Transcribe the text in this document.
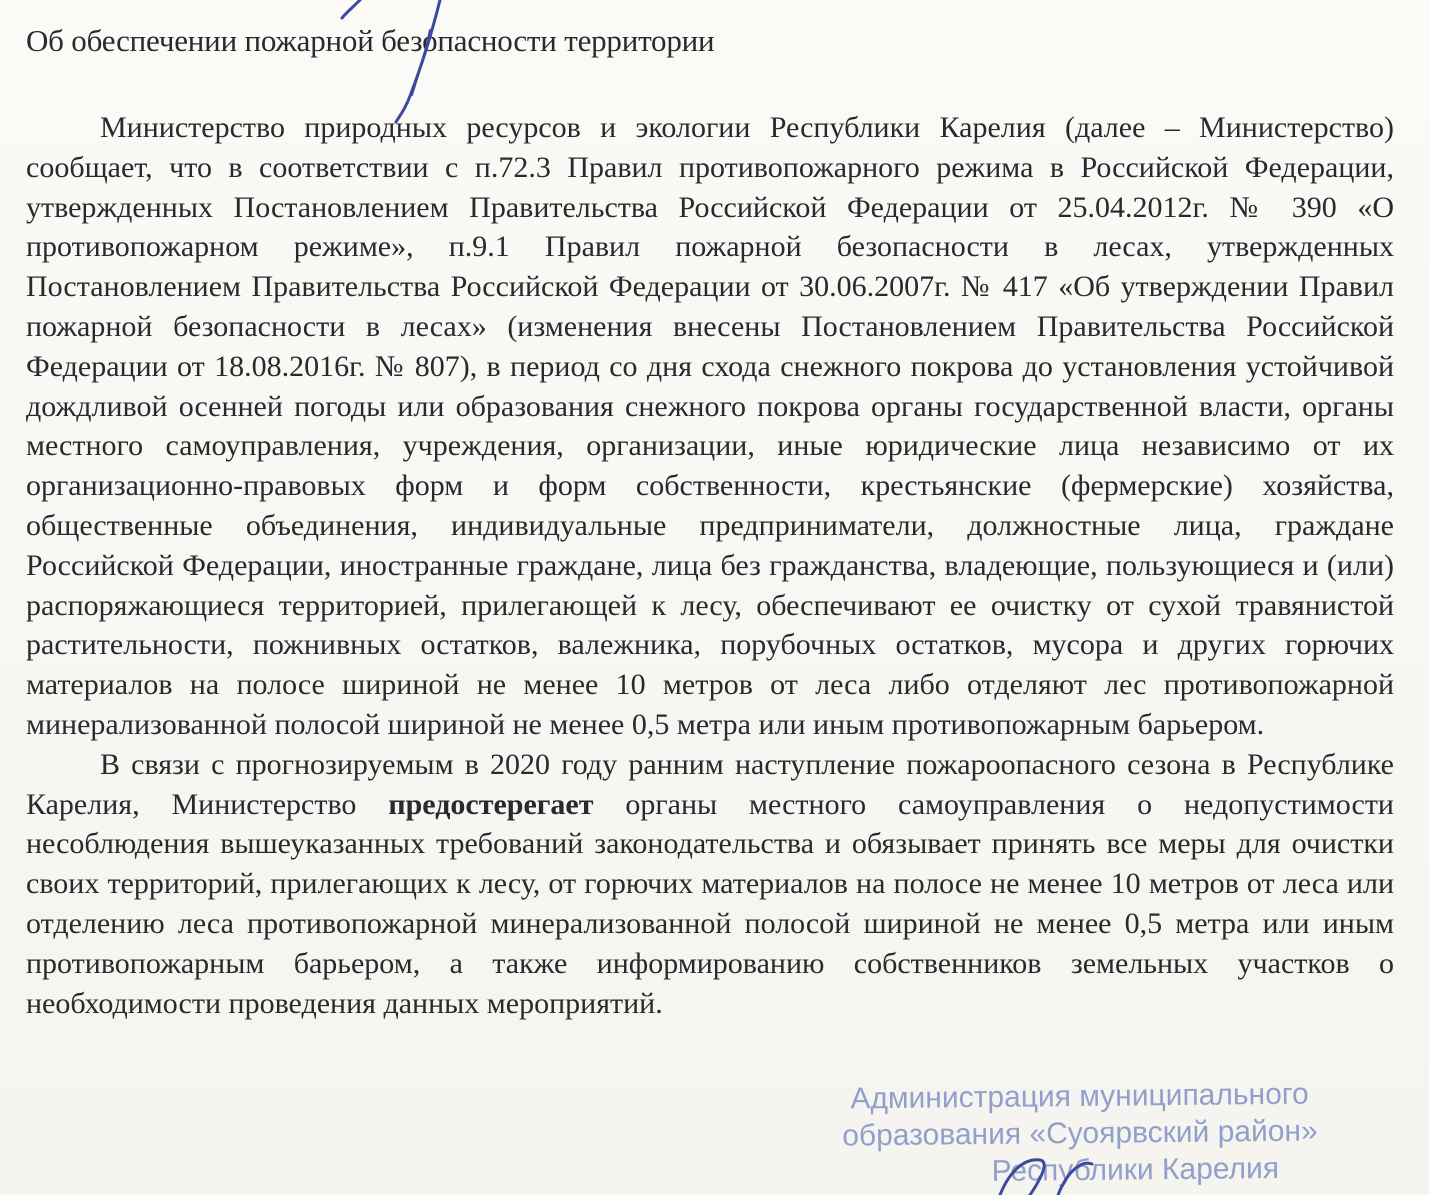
Об обеспечении пожарной безопасности территории

Министерство природных ресурсов и экологии Республики Карелия (далее – Министерство) сообщает, что в соответствии с п.72.3 Правил противопожарного режима в Российской Федерации, утвержденных Постановлением Правительства Российской Федерации от 25.04.2012г. № 390 «О противопожарном режиме», п.9.1 Правил пожарной безопасности в лесах, утвержденных Постановлением Правительства Российской Федерации от 30.06.2007г. № 417 «Об утверждении Правил пожарной безопасности в лесах» (изменения внесены Постановлением Правительства Российской Федерации от 18.08.2016г. № 807), в период со дня схода снежного покрова до установления устойчивой дождливой осенней погоды или образования снежного покрова органы государственной власти, органы местного самоуправления, учреждения, организации, иные юридические лица независимо от их организационно-правовых форм и форм собственности, крестьянские (фермерские) хозяйства, общественные объединения, индивидуальные предприниматели, должностные лица, граждане Российской Федерации, иностранные граждане, лица без гражданства, владеющие, пользующиеся и (или) распоряжающиеся территорией, прилегающей к лесу, обеспечивают ее очистку от сухой травянистой растительности, пожнивных остатков, валежника, порубочных остатков, мусора и других горючих материалов на полосе шириной не менее 10 метров от леса либо отделяют лес противопожарной минерализованной полосой шириной не менее 0,5 метра или иным противопожарным барьером.

В связи с прогнозируемым в 2020 году ранним наступление пожароопасного сезона в Республике Карелия, Министерство предостерегает органы местного самоуправления о недопустимости несоблюдения вышеуказанных требований законодательства и обязывает принять все меры для очистки своих территорий, прилегающих к лесу, от горючих материалов на полосе не менее 10 метров от леса или отделению леса противопожарной минерализованной полосой шириной не менее 0,5 метра или иным противопожарным барьером, а также информированию собственников земельных участков о необходимости проведения данных мероприятий.

Администрация муниципального
образования «Суоярвский район»
Республики Карелия
